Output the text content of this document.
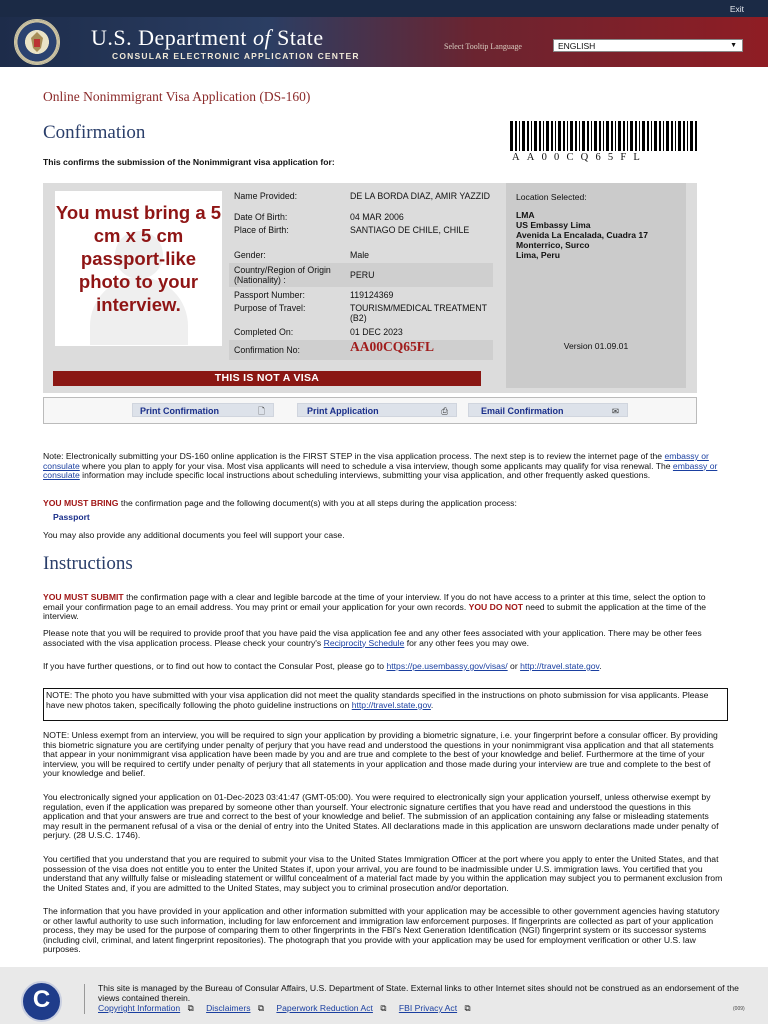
Exit
U.S. Department of State
CONSULAR ELECTRONIC APPLICATION CENTER
Select Tooltip Language	ENGLISH	▼
Online Nonimmigrant Visa Application (DS-160)
Confirmation
This confirms the submission of the Nonimmigrant visa application for:	AA00CQ65FL
You must bring a 5 cm x 5 cm passport-like photo to your interview.
Name Provided:	DE LA BORDA DIAZ, AMIR YAZZID
Date Of Birth:	04 MAR 2006
Place of Birth:	SANTIAGO DE CHILE, CHILE
Gender:	Male
Country/Region of Origin (Nationality) :	PERU
Passport Number:	119124369
Purpose of Travel:	TOURISM/MEDICAL TREATMENT (B2)
Completed On:	01 DEC 2023
Confirmation No:	AA00CQ65FL
Location Selected:
LMA
US Embassy Lima
Avenida La Encalada, Cuadra 17
Monterrico, Surco
Lima, Peru
Version 01.09.01
THIS IS NOT A VISA
Print Confirmation	🗋	Print Application	⎙	Email Confirmation	✉
Note: Electronically submitting your DS-160 online application is the FIRST STEP in the visa application process. The next step is to review the internet page of the embassy or consulate where you plan to apply for your visa. Most visa applicants will need to schedule a visa interview, though some applicants may qualify for visa renewal. The embassy or consulate information may include specific local instructions about scheduling interviews, submitting your visa application, and other frequently asked questions.
YOU MUST BRING the confirmation page and the following document(s) with you at all steps during the application process:
Passport
You may also provide any additional documents you feel will support your case.
Instructions
YOU MUST SUBMIT the confirmation page with a clear and legible barcode at the time of your interview. If you do not have access to a printer at this time, select the option to email your confirmation page to an email address. You may print or email your application for your own records. YOU DO NOT need to submit the application at the time of the interview.
Please note that you will be required to provide proof that you have paid the visa application fee and any other fees associated with your application. There may be other fees associated with the visa application process. Please check your country's Reciprocity Schedule for any other fees you may owe.
If you have further questions, or to find out how to contact the Consular Post, please go to https://pe.usembassy.gov/visas/ or http://travel.state.gov.
NOTE: The photo you have submitted with your visa application did not meet the quality standards specified in the instructions on photo submission for visa applicants. Please have new photos taken, specifically following the photo guideline instructions on http://travel.state.gov.
NOTE: Unless exempt from an interview, you will be required to sign your application by providing a biometric signature, i.e. your fingerprint before a consular officer. By providing this biometric signature you are certifying under penalty of perjury that you have read and understood the questions in your nonimmigrant visa application and that all statements that appear in your nonimmigrant visa application have been made by you and are true and complete to the best of your knowledge and belief. Furthermore at the time of your interview, you will be required to certify under penalty of perjury that all statements in your application and those made during your interview are true and complete to the best of your knowledge and belief.
You electronically signed your application on 01-Dec-2023 03:41:47 (GMT-05:00). You were required to electronically sign your application yourself, unless otherwise exempt by regulation, even if the application was prepared by someone other than yourself. Your electronic signature certifies that you have read and understood the questions in this application and that your answers are true and correct to the best of your knowledge and belief. The submission of an application containing any false or misleading statements may result in the permanent refusal of a visa or the denial of entry into the United States. All declarations made in this application are unsworn declarations made under penalty of perjury. (28 U.S.C. 1746).
You certified that you understand that you are required to submit your visa to the United States Immigration Officer at the port where you apply to enter the United States, and that possession of the visa does not entitle you to enter the United States if, upon your arrival, you are found to be inadmissible under U.S. immigration laws. You certified that you understand that any willfully false or misleading statement or willful concealment of a material fact made by you within the application may subject you to permanent exclusion from the United States and, if you are admitted to the United States, may subject you to criminal prosecution and/or deportation.
The information that you have provided in your application and other information submitted with your application may be accessible to other government agencies having statutory or other lawful authority to use such information, including for law enforcement and immigration law enforcement purposes. If fingerprints are collected as part of your application process, they may be used for the purpose of comparing them to other fingerprints in the FBI's Next Generation Identification (NGI) fingerprint system or its successor systems (including civil, criminal, and latent fingerprint repositories). The photograph that you provide with your application may be used for employment verification or other U.S. law purposes.
C	This site is managed by the Bureau of Consular Affairs, U.S. Department of State. External links to other Internet sites should not be construed as an endorsement of the views contained therein.
Copyright Information ⧉ Disclaimers ⧉ Paperwork Reduction Act ⧉ FBI Privacy Act ⧉	(009)
